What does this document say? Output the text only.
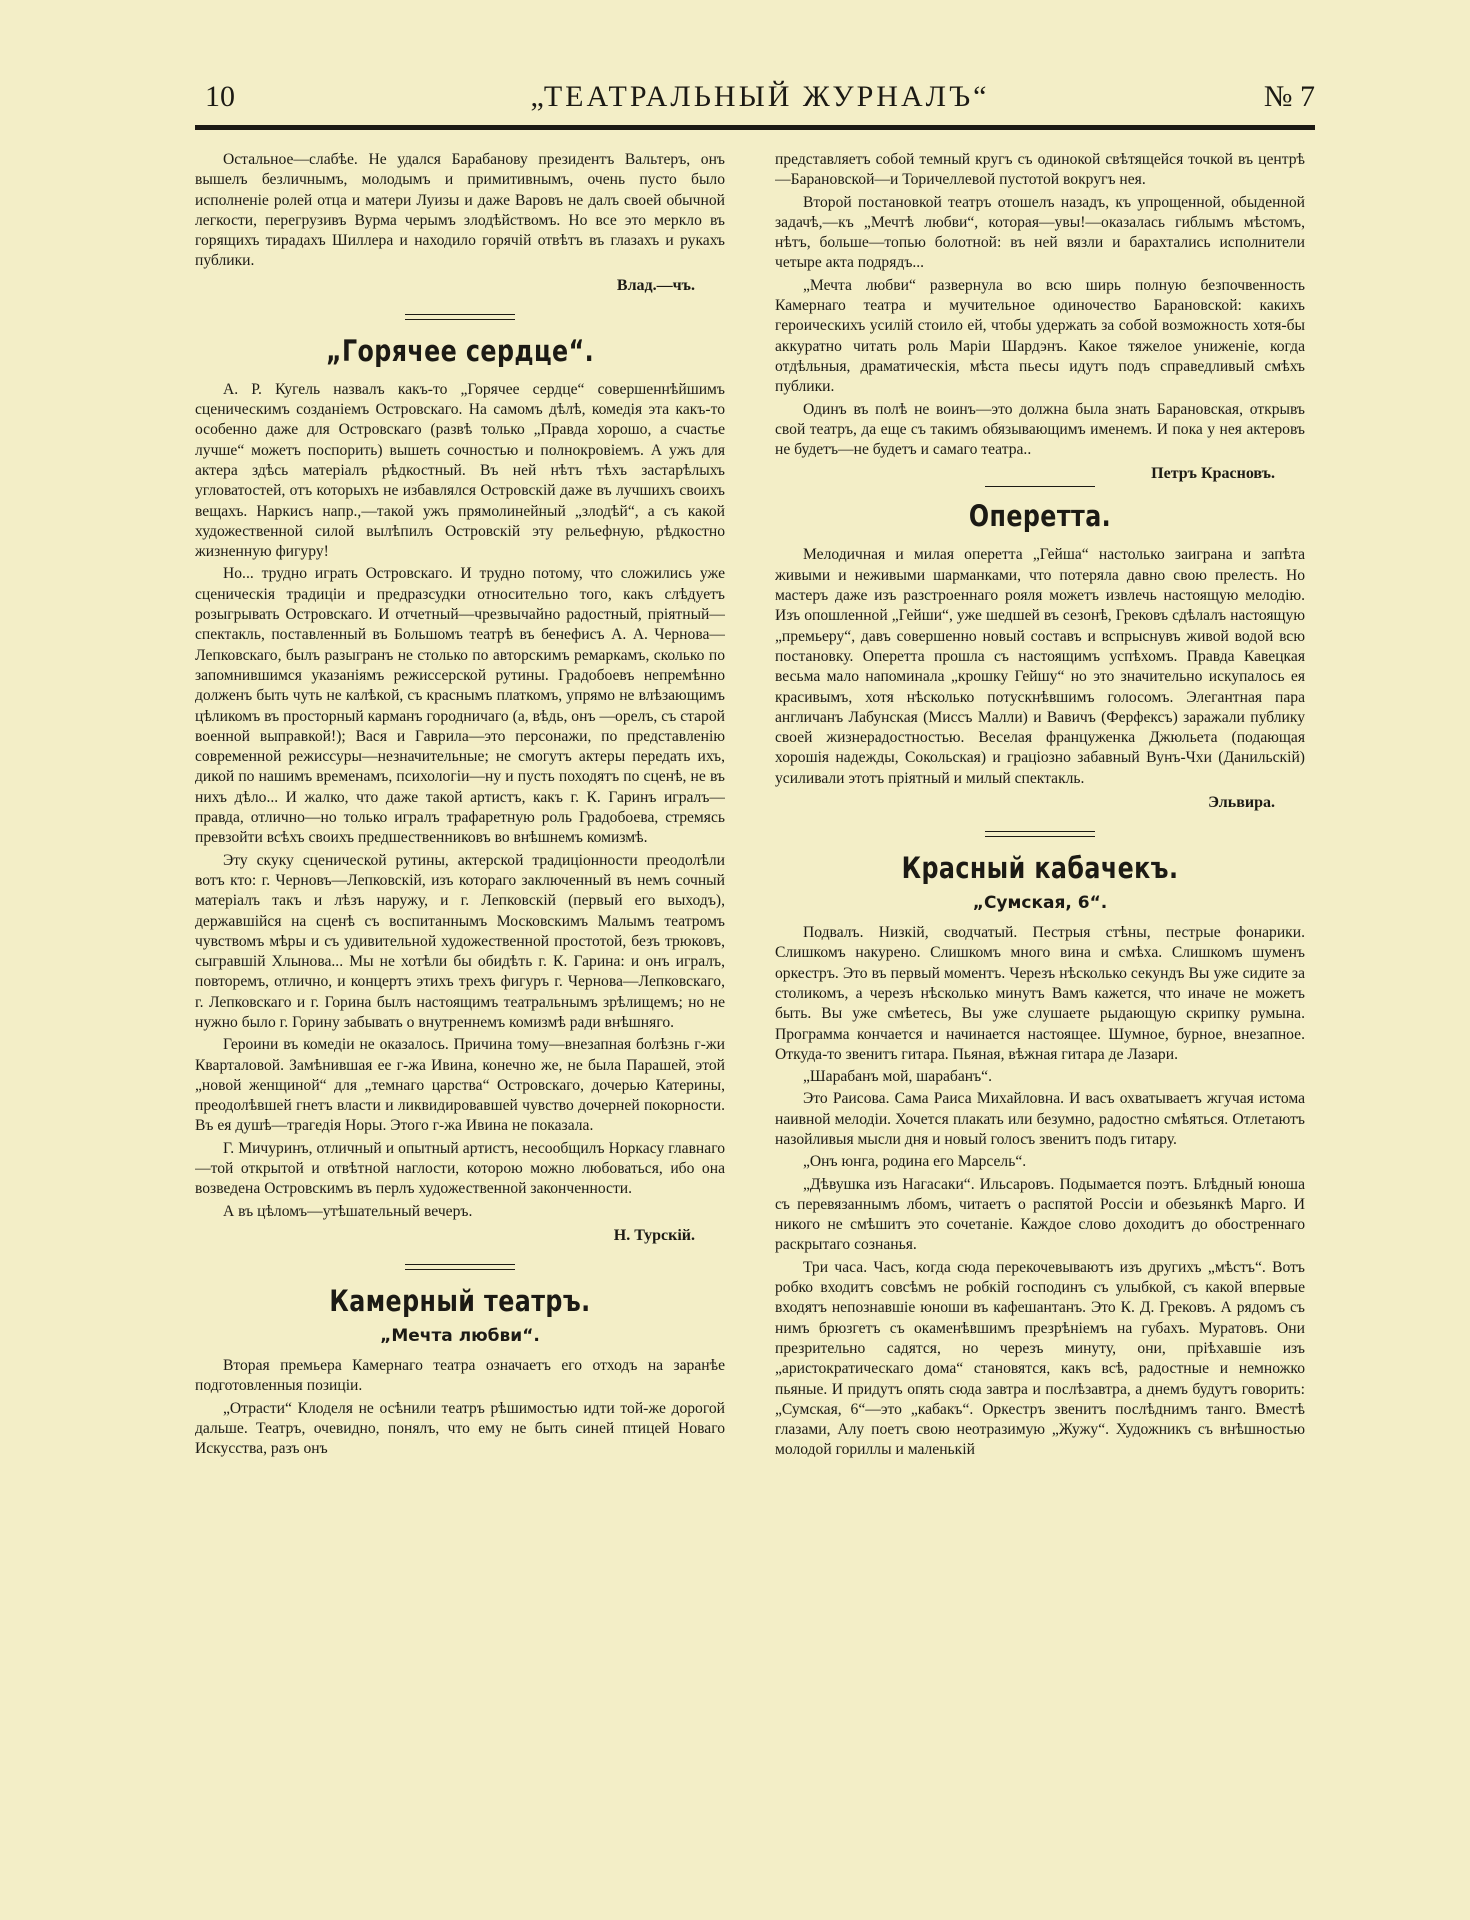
10	„ТЕАТРАЛЬНЫЙ ЖУРНАЛЪ“	№ 7

Остальное—слабѣе. Не удался Барабанову президентъ Вальтеръ, онъ вышелъ безличнымъ, молодымъ и примитивнымъ, очень пусто было исполненіе ролей отца и матери Луизы и даже Варовъ не далъ своей обычной легкости, перегрузивъ Вурма черымъ злодѣйствомъ. Но все это меркло въ горящихъ тирадахъ Шиллера и находило горячій отвѣтъ въ глазахъ и рукахъ публики.

Влад.—чъ.
„Горячее сердце“.

А. Р. Кугель назвалъ какъ-то „Горячее сердце“ совершеннѣйшимъ сценическимъ созданіемъ Островскаго. На самомъ дѣлѣ, комедія эта какъ-то особенно даже для Островскаго (развѣ только „Правда хорошо, а счастье лучше“ можетъ поспорить) вышеть сочностью и полнокровіемъ. А ужъ для актера здѣсь матеріалъ рѣдкостный. Въ ней нѣтъ тѣхъ застарѣлыхъ угловатостей, отъ которыхъ не избавлялся Островскій даже въ лучшихъ своихъ вещахъ. Наркисъ напр.,—такой ужъ прямолинейный „злодѣй“, а съ какой художественной силой вылѣпилъ Островскій эту рельефную, рѣдкостно жизненную фигуру!

Но... трудно играть Островскаго. И трудно потому, что сложились уже сценическія традиціи и предразсудки относительно того, какъ слѣдуетъ розыгрывать Островскаго. И отчетный—чрезвычайно радостный, пріятный—спектакль, поставленный въ Большомъ театрѣ въ бенефисъ А. А. Чернова—Лепковскаго, былъ разыгранъ не столько по авторскимъ ремаркамъ, сколько по запомнившимся указаніямъ режиссерской рутины. Градобоевъ непремѣнно долженъ быть чуть не калѣкой, съ краснымъ платкомъ, упрямо не влѣзающимъ цѣликомъ въ просторный карманъ городничаго (а, вѣдь, онъ —орелъ, съ старой военной выправкой!); Вася и Гаврила—это персонажи, по представленію современной режиссуры—незначительные; не смогутъ актеры передать ихъ, дикой по нашимъ временамъ, психологіи—ну и пусть походятъ по сценѣ, не въ нихъ дѣло... И жалко, что даже такой артистъ, какъ г. К. Гаринъ игралъ—правда, отлично—но только игралъ трафаретную роль Градобоева, стремясь превзойти всѣхъ своихъ предшественниковъ во внѣшнемъ комизмѣ.

Эту скуку сценической рутины, актерской традиціонности преодолѣли вотъ кто: г. Черновъ—Лепковскій, изъ котораго заключенный въ немъ сочный матеріалъ такъ и лѣзъ наружу, и г. Лепковскій (первый его выходъ), державшійся на сценѣ съ воспитаннымъ Московскимъ Малымъ театромъ чувствомъ мѣры и съ удивительной художественной простотой, безъ трюковъ, сыгравшій Хлынова... Мы не хотѣли бы обидѣть г. К. Гарина: и онъ игралъ, повторемъ, отлично, и концертъ этихъ трехъ фигуръ г. Чернова—Лепковскаго, г. Лепковскаго и г. Горина былъ настоящимъ театральнымъ зрѣлищемъ; но не нужно было г. Горину забывать о внутреннемъ комизмѣ ради внѣшняго.

Героини въ комедіи не оказалось. Причина тому—внезапная болѣзнь г-жи Кварталовой. Замѣнившая ее г-жа Ивина, конечно же, не была Парашей, этой „новой женщиной“ для „темнаго царства“ Островскаго, дочерью Катерины, преодолѣвшей гнетъ власти и ликвидировавшей чувство дочерней покорности. Въ ея душѣ—трагедія Норы. Этого г-жа Ивина не показала.

Г. Мичуринъ, отличный и опытный артистъ, несообщилъ Норкасу главнаго—той открытой и отвѣтной наглости, которою можно любоваться, ибо она возведена Островскимъ въ перлъ художественной законченности.

А въ цѣломъ—утѣшательный вечеръ.

Н. Турскій.
Камерный театръ.
„Мечта любви“.

Вторая премьера Камернаго театра означаетъ его отходъ на заранѣе подготовленныя позиціи.

„Отрасти“ Клоделя не осѣнили театръ рѣшимостью идти той-же дорогой дальше. Театръ, очевидно, понялъ, что ему не быть синей птицей Новаго Искусства, разъ онъ

представляетъ собой темный кругъ съ одинокой свѣтящейся точкой въ центрѣ—Барановской—и Торичеллевой пустотой вокругъ нея.

Второй постановкой театръ отошелъ назадъ, къ упрощенной, обыденной задачѣ,—къ „Мечтѣ любви“, которая—увы!—оказалась гиблымъ мѣстомъ, нѣтъ, больше—топью болотной: въ ней вязли и барахтались исполнители четыре акта подрядъ...

„Мечта любви“ развернула во всю ширь полную безпочвенность Камернаго театра и мучительное одиночество Барановской: какихъ героическихъ усилій стоило ей, чтобы удержать за собой возможность хотя-бы аккуратно читать роль Маріи Шардэнъ. Какое тяжелое униженіе, когда отдѣльныя, драматическія, мѣста пьесы идутъ подъ справедливый смѣхъ публики.

Одинъ въ полѣ не воинъ—это должна была знать Барановская, открывъ свой театръ, да еще съ такимъ обязывающимъ именемъ. И пока у нея актеровъ не будетъ—не будетъ и самаго театра..

Петръ Красновъ.
Оперетта.

Мелодичная и милая оперетта „Гейша“ настолько заиграна и запѣта живыми и неживыми шарманками, что потеряла давно свою прелесть. Но мастеръ даже изъ разстроеннаго рояля можетъ извлечь настоящую мелодію. Изъ опошленной „Гейши“, уже шедшей въ сезонѣ, Грековъ сдѣлалъ настоящую „премьеру“, давъ совершенно новый составъ и вспрыснувъ живой водой всю постановку. Оперетта прошла съ настоящимъ успѣхомъ. Правда Кавецкая весьма мало напоминала „крошку Гейшу“ но это значительно искупалось ея красивымъ, хотя нѣсколько потускнѣвшимъ голосомъ. Элегантная пара англичанъ Лабунская (Миссъ Малли) и Вавичъ (Ферфексъ) заражали публику своей жизнерадостностью. Веселая француженка Джюльета (подающая хорошія надежды, Сокольская) и граціозно забавный Вунъ-Чхи (Данильскій) усиливали этотъ пріятный и милый спектакль.

Эльвира.
Красный кабачекъ.
„Сумская, 6“.

Подвалъ. Низкій, сводчатый. Пестрыя стѣны, пестрые фонарики. Слишкомъ накурено. Слишкомъ много вина и смѣха. Слишкомъ шуменъ оркестръ. Это въ первый моментъ. Черезъ нѣсколько секундъ Вы уже сидите за столикомъ, а черезъ нѣсколько минутъ Вамъ кажется, что иначе не можетъ быть. Вы уже смѣетесь, Вы уже слушаете рыдающую скрипку румына. Программа кончается и начинается настоящее. Шумное, бурное, внезапное. Откуда-то звенитъ гитара. Пьяная, вѣжная гитара де Лазари.

„Шарабанъ мой, шарабанъ“.

Это Раисова. Сама Раиса Михайловна. И васъ охватываетъ жгучая истома наивной мелодіи. Хочется плакать или безумно, радостно смѣяться. Отлетаютъ назойливыя мысли дня и новый голосъ звенитъ подъ гитару.

„Онъ юнга, родина его Марсель“.

„Дѣвушка изъ Нагасаки“. Ильсаровъ. Подымается поэтъ. Блѣдный юноша съ перевязаннымъ лбомъ, читаетъ о распятой Россіи и обезьянкѣ Марго. И никого не смѣшитъ это сочетаніе. Каждое слово доходитъ до обостреннаго раскрытаго сознанья.

Три часа. Часъ, когда сюда перекочевываютъ изъ другихъ „мѣстъ“. Вотъ робко входитъ совсѣмъ не робкій господинъ съ улыбкой, съ какой впервые входятъ непознавшіе юноши въ кафешантанъ. Это К. Д. Грековъ. А рядомъ съ нимъ брюзгетъ съ окаменѣвшимъ презрѣніемъ на губахъ. Муратовъ. Они презрительно садятся, но черезъ минуту, они, пріѣхавшіе изъ „аристократическаго дома“ становятся, какъ всѣ, радостные и немножко пьяные. И придутъ опять сюда завтра и послѣзавтра, а днемъ будутъ говорить: „Сумская, 6“—это „кабакъ“. Оркестръ звенитъ послѣднимъ танго. Вместѣ глазами, Алу поетъ свою неотразимую „Жужу“. Художникъ съ внѣшностью молодой гориллы и маленькій
